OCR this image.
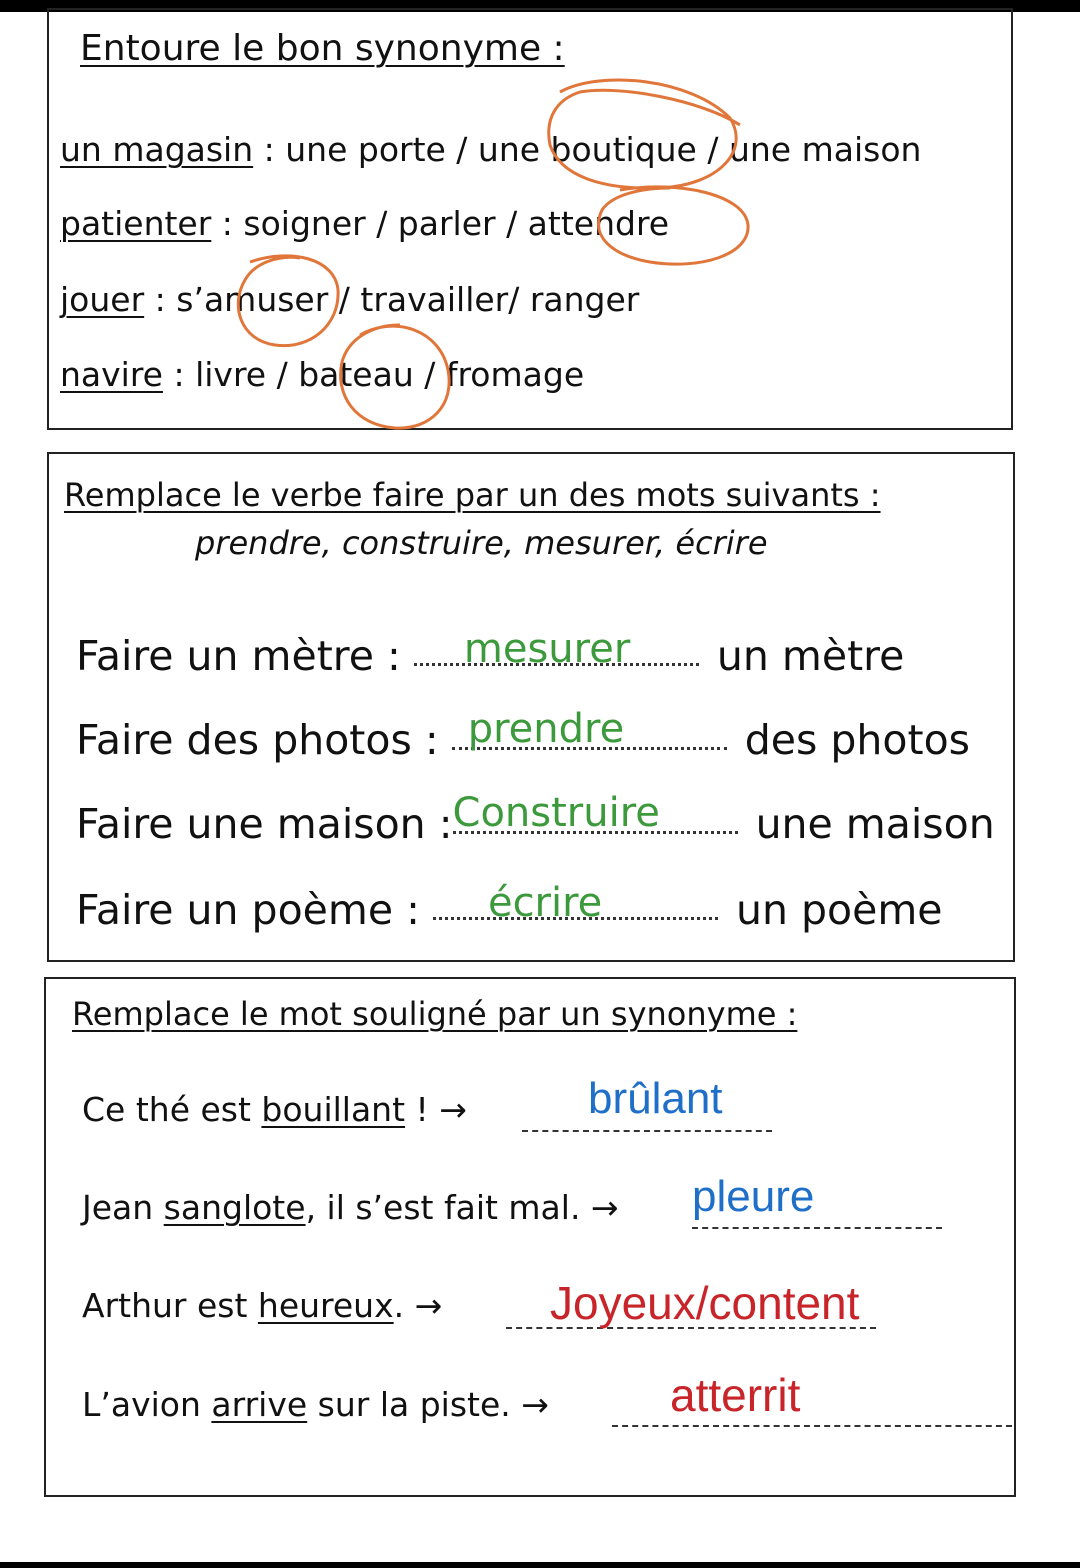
Entoure le bon synonyme :
un magasin : une porte / une boutique / une maison
patienter : soigner / parler / attendre
jouer : s’amuser / travailler/ ranger
navire : livre / bateau / fromage
Remplace le verbe faire par un des mots suivants :
prendre, construire, mesurer, écrire
Faire un mètre : mesurer un mètre
Faire des photos : prendre	des photos
Faire une maison : Construire une maison
Faire un poème : écrire	un poème
Remplace le mot souligné par un synonyme :
Ce thé est bouillant ! →	brûlant
Jean sanglote, il s’est fait mal. → pleure
Arthur est heureux. → Joyeux/content
L’avion arrive sur la piste. →	atterrit
